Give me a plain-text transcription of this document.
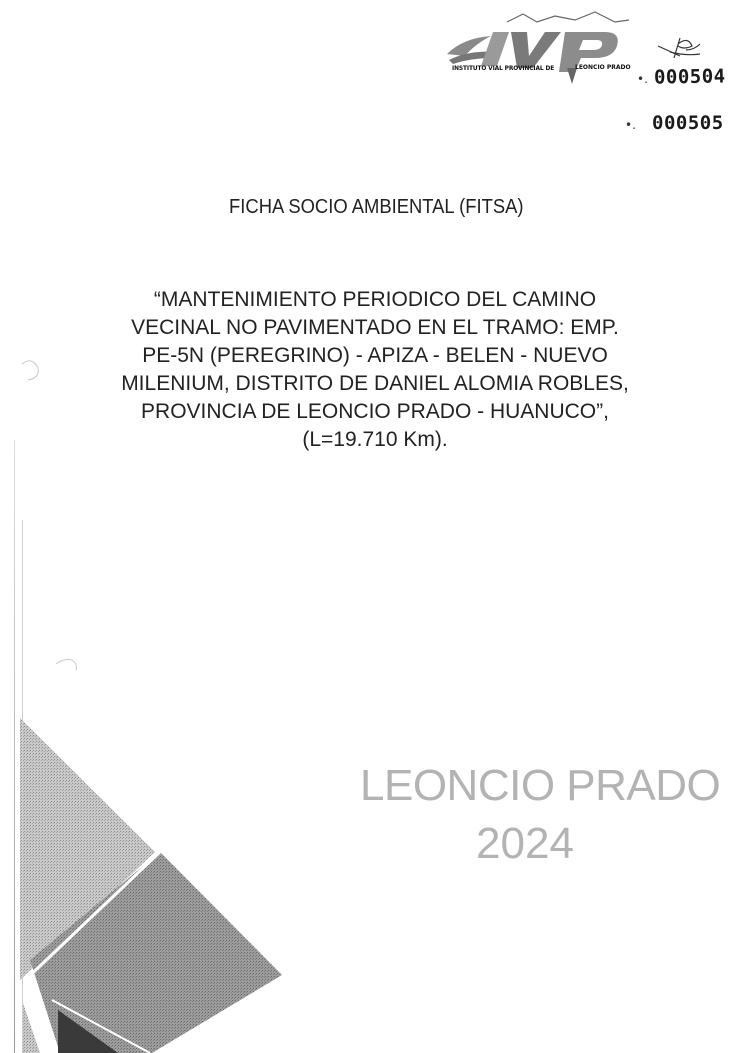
INSTITUTO VIAL PROVINCIAL DE	LEONCIO PRADO
•. 000504
•. 000505
FICHA SOCIO AMBIENTAL (FITSA)
“MANTENIMIENTO PERIODICO DEL CAMINO
VECINAL NO PAVIMENTADO EN EL TRAMO: EMP.
PE-5N (PEREGRINO) - APIZA - BELEN - NUEVO
MILENIUM, DISTRITO DE DANIEL ALOMIA ROBLES,
PROVINCIA DE LEONCIO PRADO - HUANUCO”,
(L=19.710 Km).
LEONCIO PRADO
2024
